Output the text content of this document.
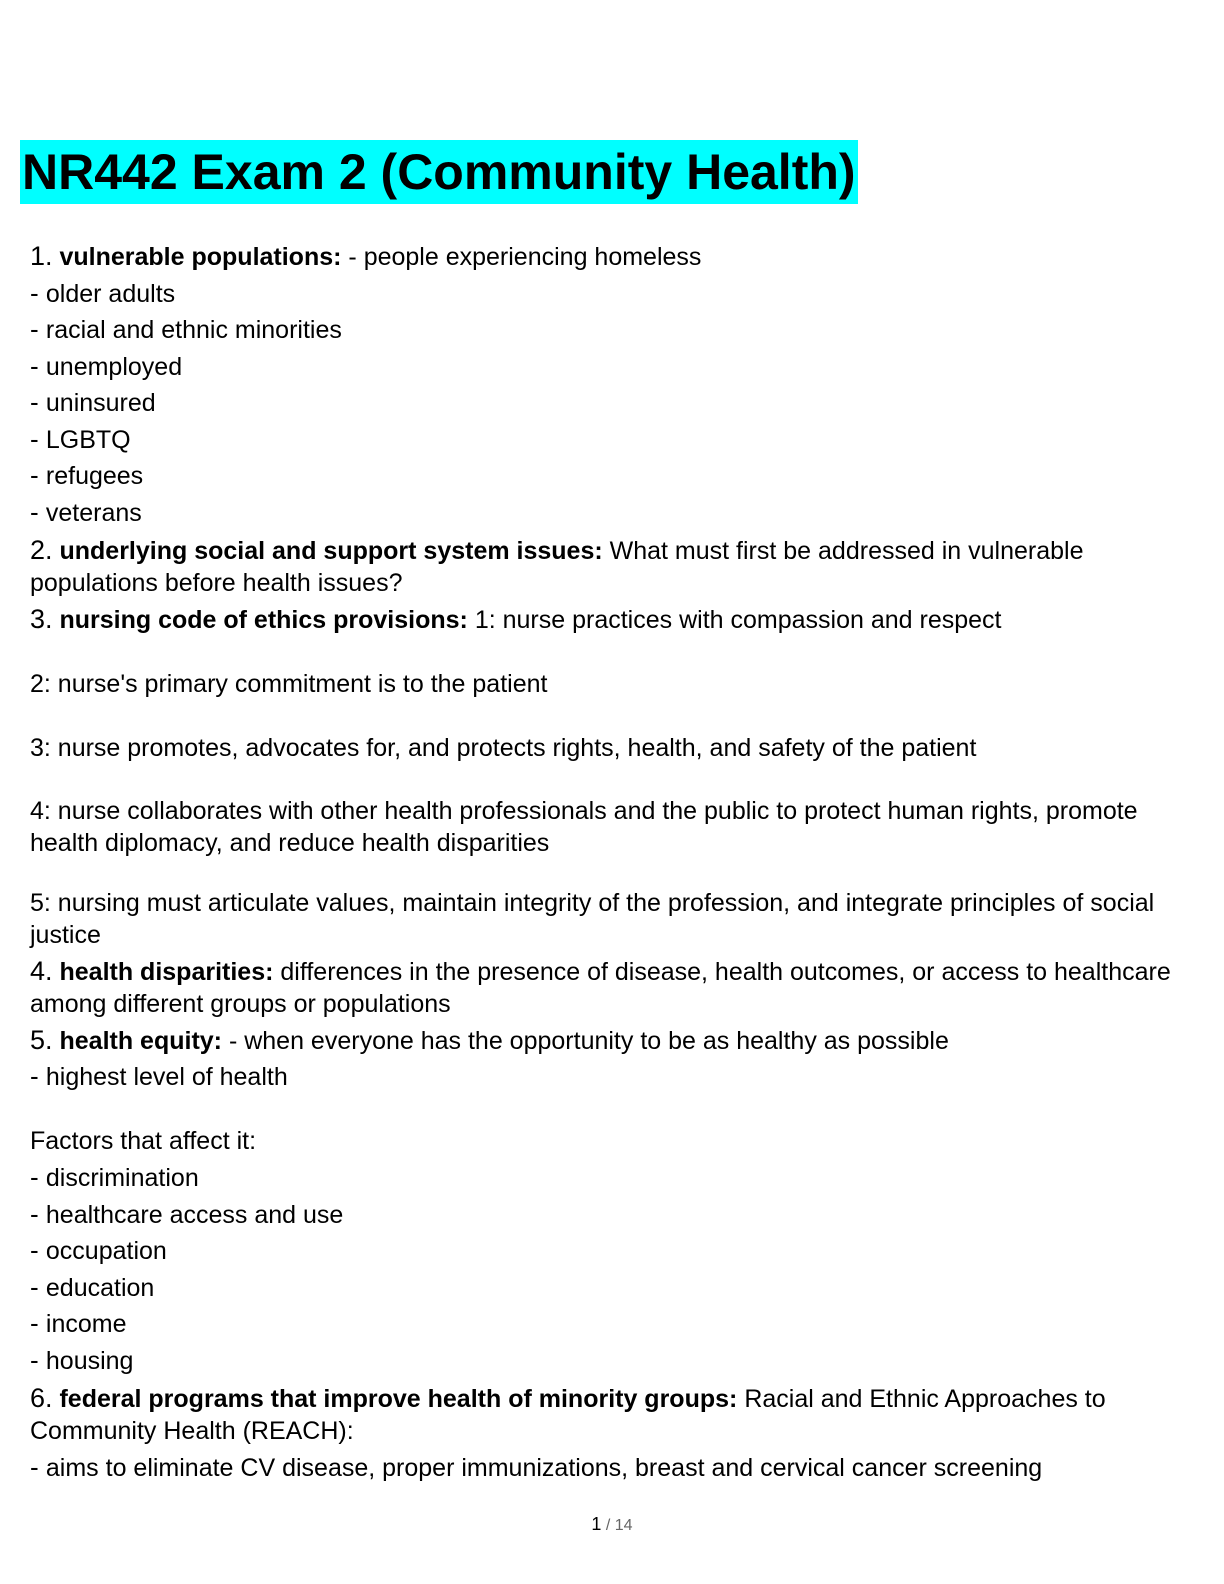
NR442 Exam 2 (Community Health)
1. vulnerable populations: - people experiencing homeless
- older adults
- racial and ethnic minorities
- unemployed
- uninsured
- LGBTQ
- refugees
- veterans
2. underlying social and support system issues: What must first be addressed in vulnerable populations before health issues?
3. nursing code of ethics provisions: 1: nurse practices with compassion and respect
2: nurse's primary commitment is to the patient
3: nurse promotes, advocates for, and protects rights, health, and safety of the patient
4: nurse collaborates with other health professionals and the public to protect human rights, promote health diplomacy, and reduce health disparities
5: nursing must articulate values, maintain integrity of the profession, and integrate principles of social justice
4. health disparities: differences in the presence of disease, health outcomes, or access to healthcare among different groups or populations
5. health equity: - when everyone has the opportunity to be as healthy as possible
- highest level of health
Factors that affect it:
- discrimination
- healthcare access and use
- occupation
- education
- income
- housing
6. federal programs that improve health of minority groups: Racial and Ethnic Approaches to Community Health (REACH):
- aims to eliminate CV disease, proper immunizations, breast and cervical cancer screening
1 / 14
